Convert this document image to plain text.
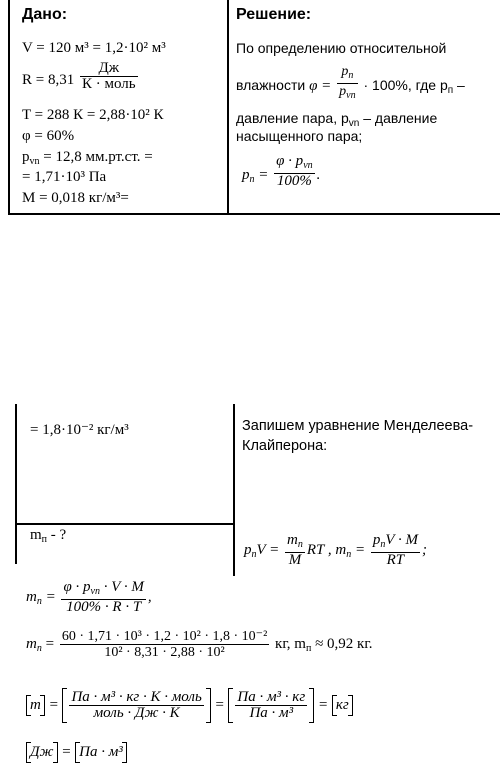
Дано:	Решение:
V = 120 м³ = 1,2·10² м³
$R = 8,31 \frac{Дж}{\text{К · моль}}$
T = 288 К = 2,88·10² К
φ = 60%
$p_{vn} = 12,8$ мм.рт.ст. =
= 1,71·10³ Па
M = 0,018 кг/м³=
По определению относительной
влажности $\varphi = \frac{p_п}{p_{vn}} \cdot 100\%$, где $p_п$ –
давление пара, $p_{vn}$ – давление
насыщенного пара;
$p_п = \frac{\varphi \cdot p_{vn}}{100\%}$ .
= 1,8·10⁻² кг/м³
$m_п$ - ?
Запишем уравнение Менделеева-
Клайперона:
$p_пV = \frac{m_п}{M}$ RT , $m_п = \frac{p_пV \cdot M}{RT}$ ;
$m_п = \frac{\varphi \cdot p_{vn} \cdot V \cdot M}{100\% \cdot R \cdot T}$ ,
$m_п = \frac{\text{60 · 1,71 · 10³ · 1,2 · 10² · 1,8 · 10⁻²}}{\text{10² · 8,31 · 2,88 · 10²}}$ кг, $m_п \approx 0,92$ кг.
$m = \frac{\text{Па · м³ · кг · К · моль}}{\text{моль · Дж · К}} = \frac{\text{Па · м³ · кг}}{\text{Па · м³}}$ = кг
Дж = Па · м³
